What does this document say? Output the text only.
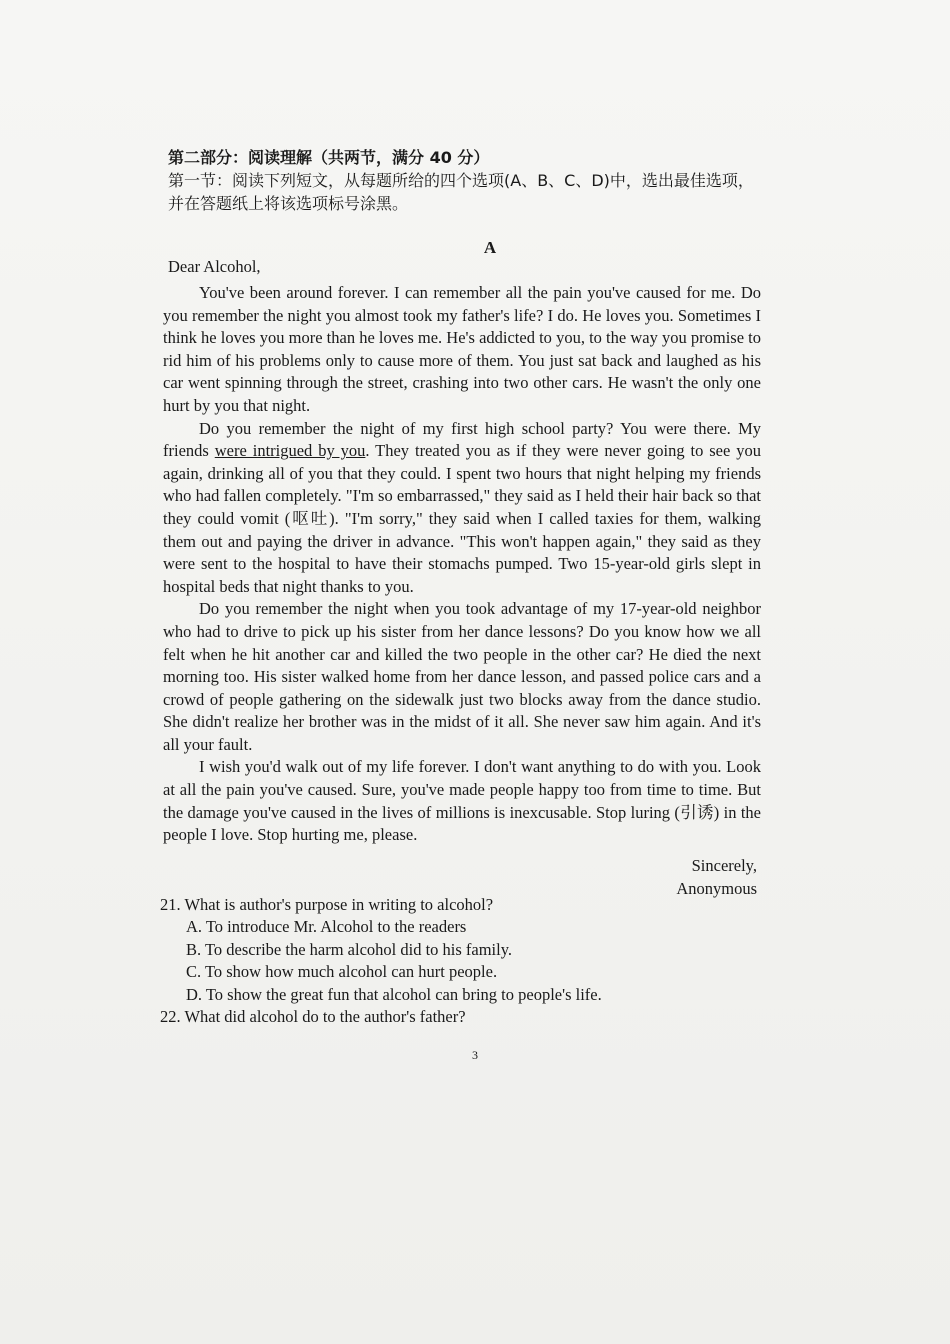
第二部分：阅读理解（共两节，满分 40 分）
第一节：阅读下列短文，从每题所给的四个选项(A、B、C、D)中，选出最佳选项，并在答题纸上将该选项标号涂黑。
A
Dear Alcohol,

You've been around forever. I can remember all the pain you've caused for me. Do you remember the night you almost took my father's life? I do. He loves you. Sometimes I think he loves you more than he loves me. He's addicted to you, to the way you promise to rid him of his problems only to cause more of them. You just sat back and laughed as his car went spinning through the street, crashing into two other cars. He wasn't the only one hurt by you that night.

Do you remember the night of my first high school party? You were there. My friends were intrigued by you. They treated you as if they were never going to see you again, drinking all of you that they could. I spent two hours that night helping my friends who had fallen completely. "I'm so embarrassed," they said as I held their hair back so that they could vomit (呕吐). "I'm sorry," they said when I called taxies for them, walking them out and paying the driver in advance. "This won't happen again," they said as they were sent to the hospital to have their stomachs pumped. Two 15-year-old girls slept in hospital beds that night thanks to you.

Do you remember the night when you took advantage of my 17-year-old neighbor who had to drive to pick up his sister from her dance lessons? Do you know how we all felt when he hit another car and killed the two people in the other car? He died the next morning too. His sister walked home from her dance lesson, and passed police cars and a crowd of people gathering on the sidewalk just two blocks away from the dance studio. She didn't realize her brother was in the midst of it all. She never saw him again. And it's all your fault.

I wish you'd walk out of my life forever. I don't want anything to do with you. Look at all the pain you've caused. Sure, you've made people happy too from time to time. But the damage you've caused in the lives of millions is inexcusable. Stop luring (引诱) in the people I love. Stop hurting me, please.

Sincerely,
Anonymous
21. What is author's purpose in writing to alcohol?
A. To introduce Mr. Alcohol to the readers
B. To describe the harm alcohol did to his family.
C. To show how much alcohol can hurt people.
D. To show the great fun that alcohol can bring to people's life.
22. What did alcohol do to the author's father?
3
